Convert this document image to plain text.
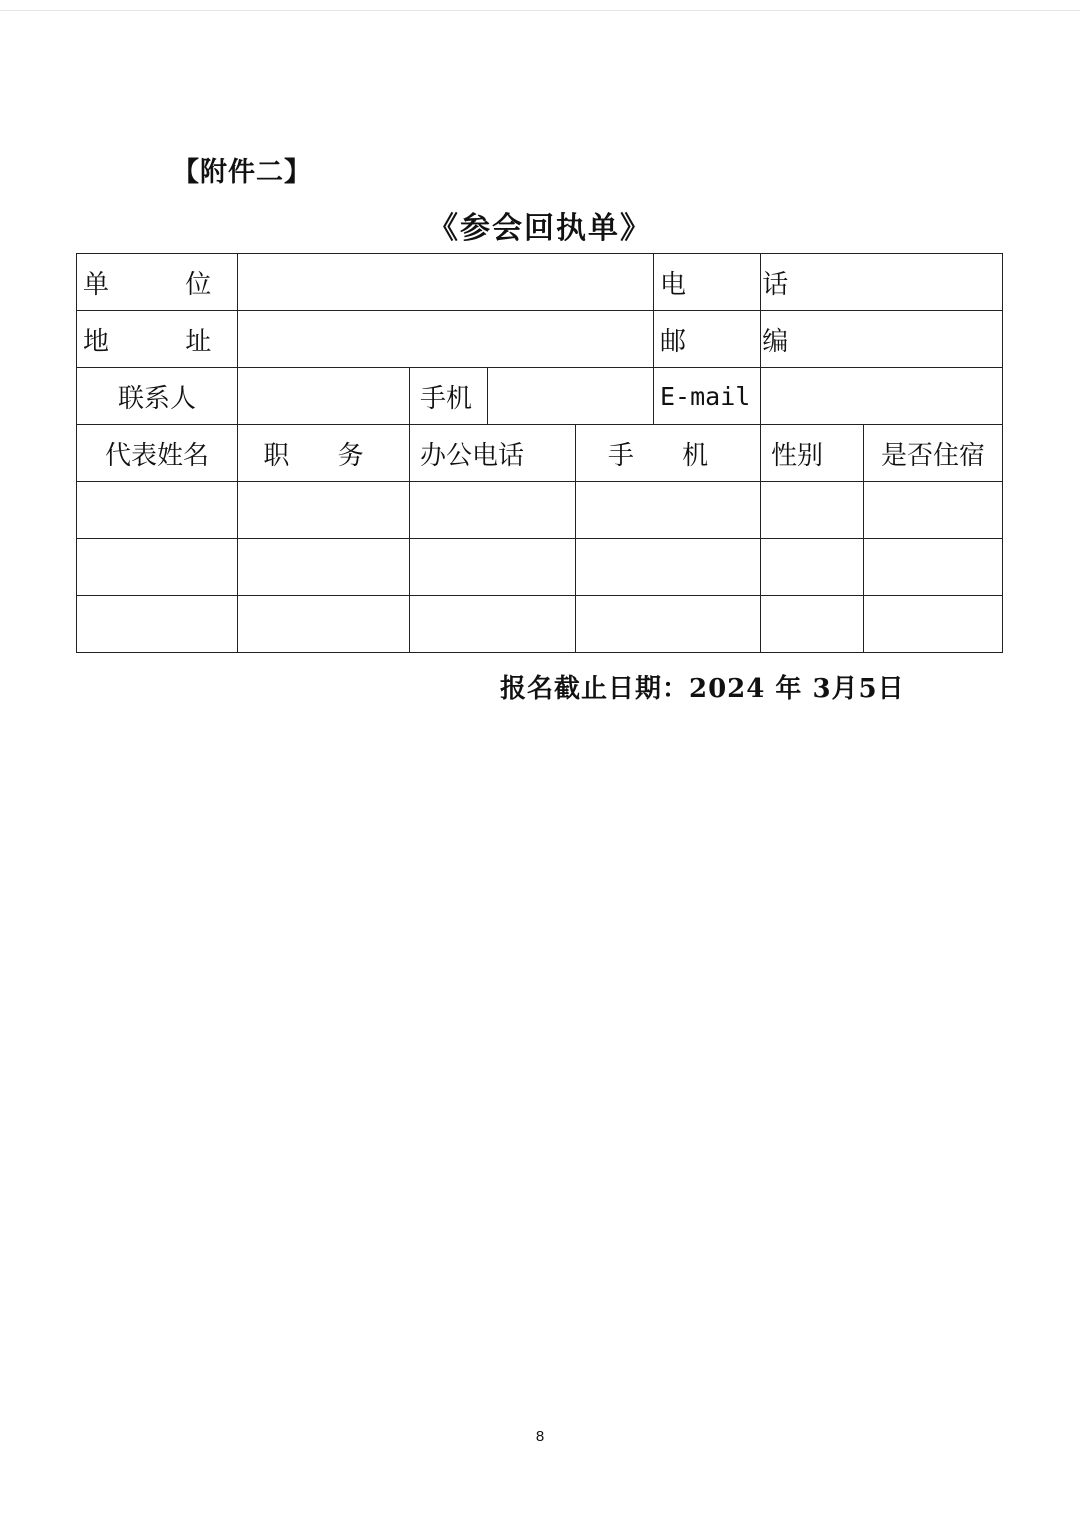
【附件二】
《参会回执单》
单 位					电 话		
地 址					邮 编		
联系人		手机			E-mail		
代表姓名	职 务	办公电话		手 机		性别	是否住宿

报名截止日期：2024 年 3月5日
8
